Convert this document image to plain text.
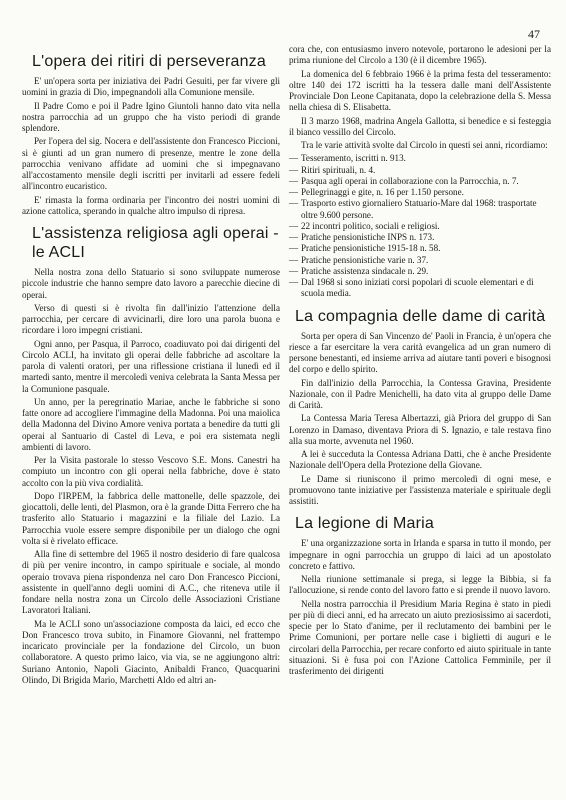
47
L'opera dei ritiri di perseveranza

E' un'opera sorta per iniziativa dei Padri Gesuiti, per far vivere gli uomini in grazia di Dio, impegnandoli alla Comunione mensile.

Il Padre Como e poi il Padre Igino Giuntoli hanno dato vita nella nostra parrocchia ad un gruppo che ha visto periodi di grande splendore.

Per l'opera del sig. Nocera e dell'assistente don Francesco Piccioni, si è giunti ad un gran numero di presenze, mentre le zone della parrocchia venivano affidate ad uomini che si impegnavano all'accostamento mensile degli iscritti per invitarli ad essere fedeli all'incontro eucaristico.

E' rimasta la forma ordinaria per l'incontro dei nostri uomini di azione cattolica, sperando in qualche altro impulso di ripresa.

L'assistenza religiosa agli operai - le ACLI

Nella nostra zona dello Statuario si sono sviluppate numerose piccole industrie che hanno sempre dato lavoro a parecchie diecine di operai.

Verso di questi si è rivolta fin dall'inizio l'attenzione della parrocchia, per cercare di avvicinarli, dire loro una parola buona e ricordare i loro impegni cristiani.

Ogni anno, per Pasqua, il Parroco, coadiuvato poi dai dirigenti del Circolo ACLI, ha invitato gli operai delle fabbriche ad ascoltare la parola di valenti oratori, per una riflessione cristiana il lunedì ed il martedì santo, mentre il mercoledì veniva celebrata la Santa Messa per la Comunione pasquale.

Un anno, per la peregrinatio Mariae, anche le fabbriche si sono fatte onore ad accogliere l'immagine della Madonna. Poi una maiolica della Madonna del Divino Amore veniva portata a benedire da tutti gli operai al Santuario di Castel di Leva, e poi era sistemata negli ambienti di lavoro.

Per la Visita pastorale lo stesso Vescovo S.E. Mons. Canestri ha compiuto un incontro con gli operai nella fabbriche, dove è stato accolto con la più viva cordialità.

Dopo l'IRPEM, la fabbrica delle mattonelle, delle spazzole, dei giocattoli, delle lenti, del Plasmon, ora è la grande Ditta Ferrero che ha trasferito allo Statuario i magazzini e la filiale del Lazio. La Parrocchia vuole essere sempre disponibile per un dialogo che ogni volta si è rivelato efficace.

Alla fine di settembre del 1965 il nostro desiderio di fare qualcosa di più per venire incontro, in campo spirituale e sociale, al mondo operaio trovava piena rispondenza nel caro Don Francesco Piccioni, assistente in quell'anno degli uomini di A.C., che riteneva utile il fondare nella nostra zona un Circolo delle Associazioni Cristiane Lavoratori Italiani.

Ma le ACLI sono un'associazione composta da laici, ed ecco che Don Francesco trova subito, in Finamore Giovanni, nel frattempo incaricato provinciale per la fondazione del Circolo, un buon collaboratore. A questo primo laico, via via, se ne aggiungono altri: Suriano Antonio, Napoli Giacinto, Anibaldi Franco, Quacquarini Olindo, Di Brigida Mario, Marchetti Aldo ed altri an-

cora che, con entusiasmo invero notevole, portarono le adesioni per la prima riunione del Circolo a 130 (è il dicembre 1965).

La domenica del 6 febbraio 1966 è la prima festa del tesseramento: oltre 140 dei 172 iscritti ha la tessera dalle mani dell'Assistente Provinciale Don Leone Capitanata, dopo la celebrazione della S. Messa nella chiesa di S. Elisabetta.

Il 3 marzo 1968, madrina Angela Gallotta, si benedice e si festeggia il bianco vessillo del Circolo.

Tra le varie attività svolte dal Circolo in questi sei anni, ricordiamo:

— Tesseramento, iscritti n. 913.
— Ritiri spirituali, n. 4.
— Pasqua agli operai in collaborazione con la Parrocchia, n. 7.
— Pellegrinaggi e gite, n. 16 per 1.150 persone.
— Trasporto estivo giornaliero Statuario-Mare dal 1968: trasportate oltre 9.600 persone.
— 22 incontri politico, sociali e religiosi.
— Pratiche pensionistiche INPS n. 173.
— Pratiche pensionistiche 1915-18 n. 58.
— Pratiche pensionistiche varie n. 37.
— Pratiche assistenza sindacale n. 29.
— Dal 1968 si sono iniziati corsi popolari di scuole elementari e di scuola media.
La compagnia delle dame di carità

Sorta per opera di San Vincenzo de' Paoli in Francia, è un'opera che riesce a far esercitare la vera carità evangelica ad un gran numero di persone benestanti, ed insieme arriva ad aiutare tanti poveri e bisognosi del corpo e dello spirito.

Fin dall'inizio della Parrocchia, la Contessa Gravina, Presidente Nazionale, con il Padre Menichelli, ha dato vita al gruppo delle Dame di Carità.

La Contessa Maria Teresa Albertazzi, già Priora del gruppo di San Lorenzo in Damaso, diventava Priora di S. Ignazio, e tale restava fino alla sua morte, avvenuta nel 1960.

A lei è succeduta la Contessa Adriana Datti, che è anche Presidente Nazionale dell'Opera della Protezione della Giovane.

Le Dame si riuniscono il primo mercoledì di ogni mese, e promuovono tante iniziative per l'assistenza materiale e spirituale degli assistiti.

La legione di Maria

E' una organizzazione sorta in Irlanda e sparsa in tutto il mondo, per impegnare in ogni parrocchia un gruppo di laici ad un apostolato concreto e fattivo.

Nella riunione settimanale si prega, si legge la Bibbia, si fa l'allocuzione, si rende conto del lavoro fatto e si prende il nuovo lavoro.

Nella nostra parrocchia il Presidium Maria Regina è stato in piedi per più di dieci anni, ed ha arrecato un aiuto preziosissimo ai sacerdoti, specie per lo Stato d'anime, per il reclutamento dei bambini per le Prime Comunioni, per portare nelle case i biglietti di auguri e le circolari della Parrocchia, per recare conforto ed aiuto spirituale in tante situazioni. Si è fusa poi con l'Azione Cattolica Femminile, per il trasferimento dei dirigenti
